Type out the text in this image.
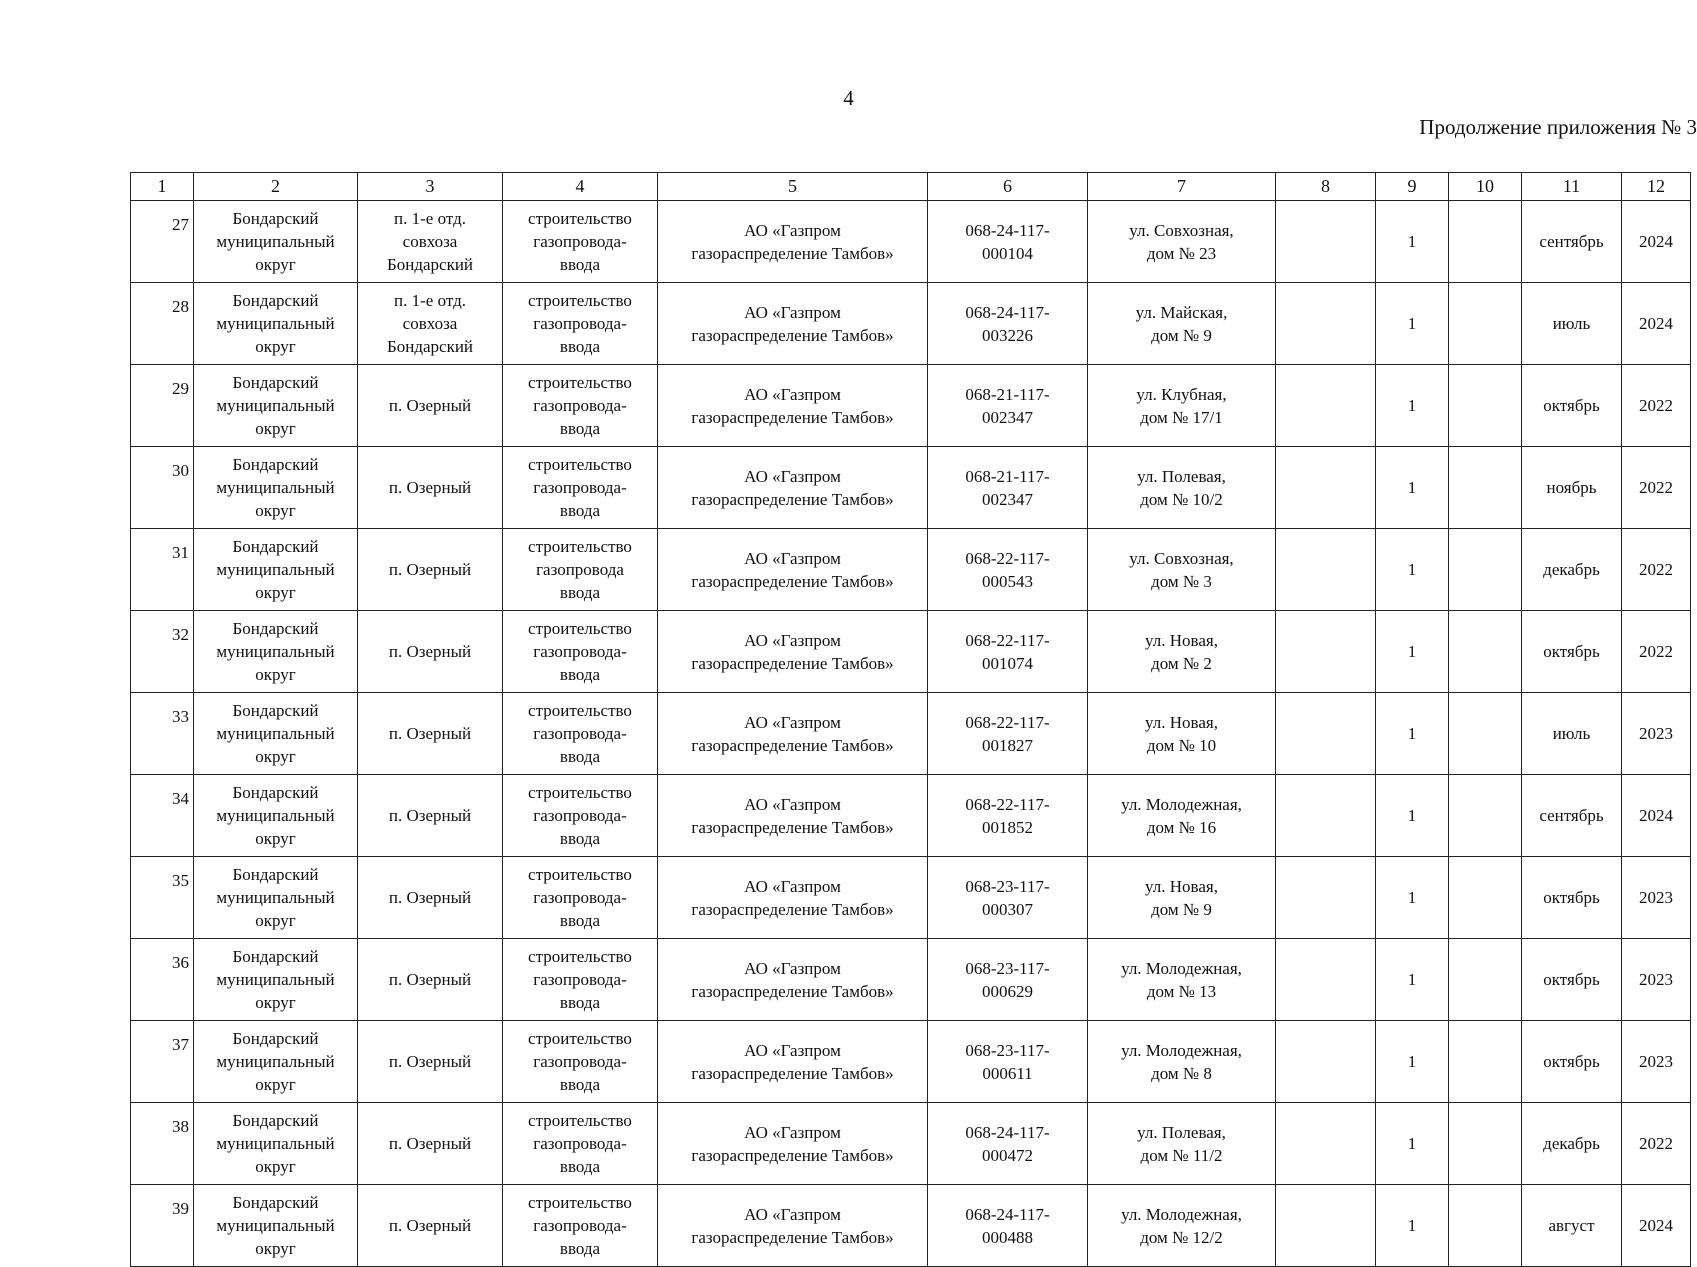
4
Продолжение приложения № 3
1	2	3	4	5	6	7	8	9	10	11	12
27	Бондарский
муниципальный
округ	п. 1-е отд.
совхоза
Бондарский	строительство
газопровода-
ввода	АО «Газпром
газораспределение Тамбов»	068-24-117-
000104	ул. Совхозная,
дом № 23		1		сентябрь	2024
28	Бондарский
муниципальный
округ	п. 1-е отд.
совхоза
Бондарский	строительство
газопровода-
ввода	АО «Газпром
газораспределение Тамбов»	068-24-117-
003226	ул. Майская,
дом № 9		1		июль	2024
29	Бондарский
муниципальный
округ	п. Озерный	строительство
газопровода-
ввода	АО «Газпром
газораспределение Тамбов»	068-21-117-
002347	ул. Клубная,
дом № 17/1		1		октябрь	2022
30	Бондарский
муниципальный
округ	п. Озерный	строительство
газопровода-
ввода	АО «Газпром
газораспределение Тамбов»	068-21-117-
002347	ул. Полевая,
дом № 10/2		1		ноябрь	2022
31	Бондарский
муниципальный
округ	п. Озерный	строительство
газопровода
ввода	АО «Газпром
газораспределение Тамбов»	068-22-117-
000543	ул. Совхозная,
дом № 3		1		декабрь	2022
32	Бондарский
муниципальный
округ	п. Озерный	строительство
газопровода-
ввода	АО «Газпром
газораспределение Тамбов»	068-22-117-
001074	ул. Новая,
дом № 2		1		октябрь	2022
33	Бондарский
муниципальный
округ	п. Озерный	строительство
газопровода-
ввода	АО «Газпром
газораспределение Тамбов»	068-22-117-
001827	ул. Новая,
дом № 10		1		июль	2023
34	Бондарский
муниципальный
округ	п. Озерный	строительство
газопровода-
ввода	АО «Газпром
газораспределение Тамбов»	068-22-117-
001852	ул. Молодежная,
дом № 16		1		сентябрь	2024
35	Бондарский
муниципальный
округ	п. Озерный	строительство
газопровода-
ввода	АО «Газпром
газораспределение Тамбов»	068-23-117-
000307	ул. Новая,
дом № 9		1		октябрь	2023
36	Бондарский
муниципальный
округ	п. Озерный	строительство
газопровода-
ввода	АО «Газпром
газораспределение Тамбов»	068-23-117-
000629	ул. Молодежная,
дом № 13		1		октябрь	2023
37	Бондарский
муниципальный
округ	п. Озерный	строительство
газопровода-
ввода	АО «Газпром
газораспределение Тамбов»	068-23-117-
000611	ул. Молодежная,
дом № 8		1		октябрь	2023
38	Бондарский
муниципальный
округ	п. Озерный	строительство
газопровода-
ввода	АО «Газпром
газораспределение Тамбов»	068-24-117-
000472	ул. Полевая,
дом № 11/2		1		декабрь	2022
39	Бондарский
муниципальный
округ	п. Озерный	строительство
газопровода-
ввода	АО «Газпром
газораспределение Тамбов»	068-24-117-
000488	ул. Молодежная,
дом № 12/2		1		август	2024
